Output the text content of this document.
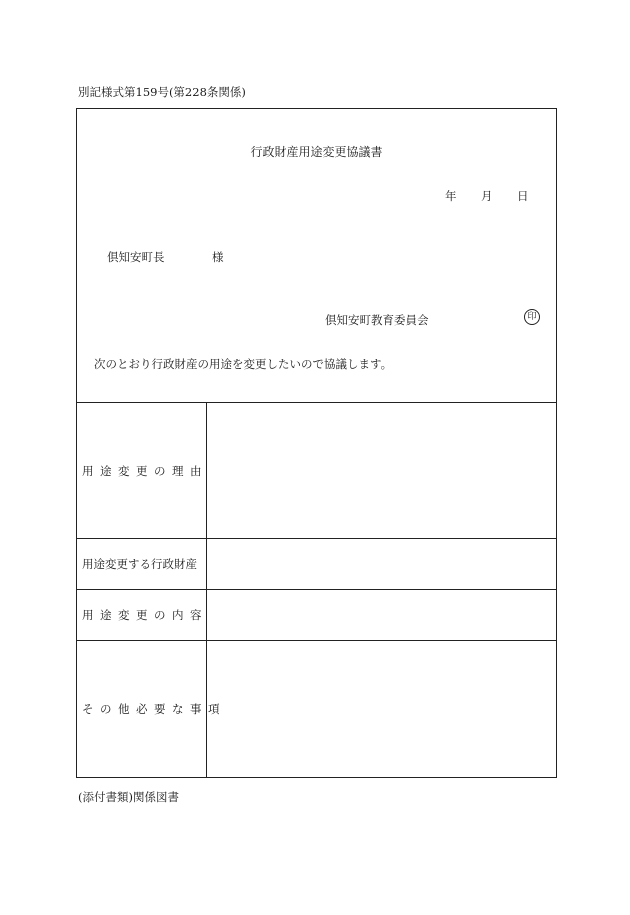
別記様式第159号(第228条関係)
行政財産用途変更協議書
年 月 日
倶知安町長	様
倶知安町教育委員会	印
次のとおり行政財産の用途を変更したいので協議します。
用途変更の理由
用途変更する行政財産
用途変更の内容
その他必要な事項
(添付書類)関係図書
